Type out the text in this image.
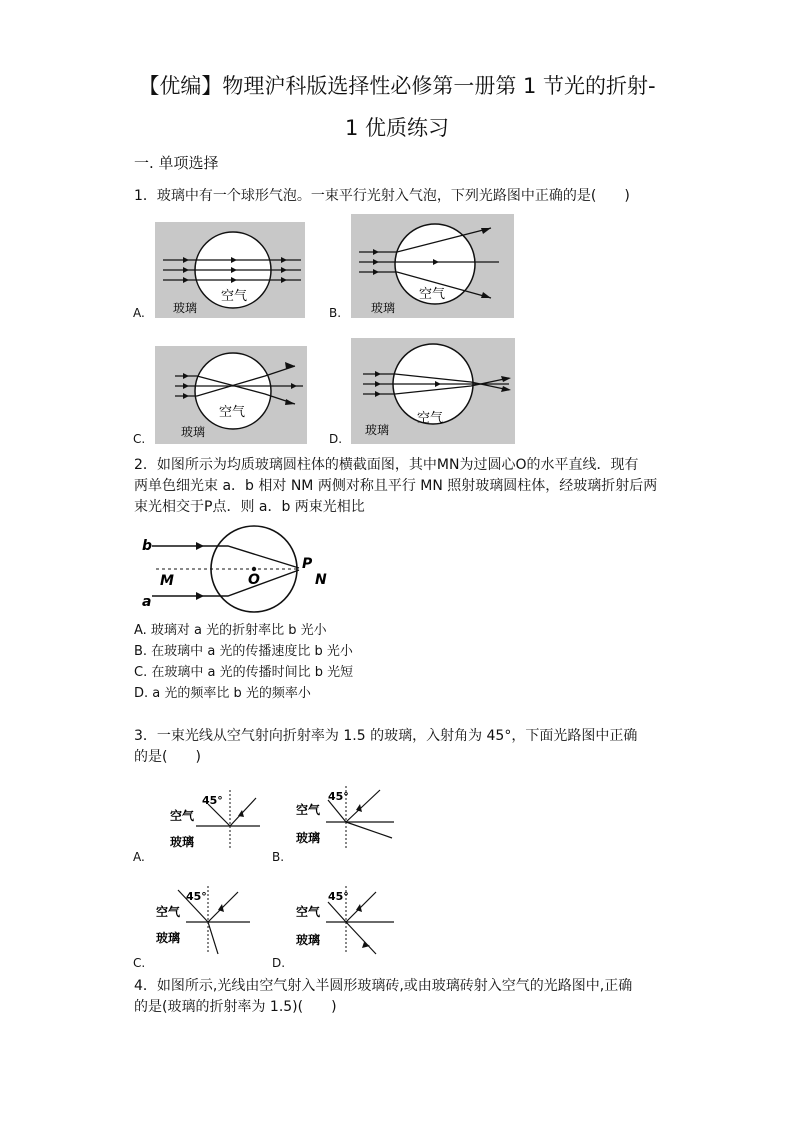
【优编】物理沪科版选择性必修第一册第 1 节光的折射-
1 优质练习
一. 单项选择
1．玻璃中有一个球形气泡。一束平行光射入气泡，下列光路图中正确的是(　　)
空气
玻璃
A.
空气
玻璃
B.
空气
玻璃
C.
空气
玻璃
D.
2．如图所示为均质玻璃圆柱体的横截面图，其中MN为过圆心O的水平直线．现有
两单色细光束 a．b 相对 NM 两侧对称且平行 MN 照射玻璃圆柱体，经玻璃折射后两
束光相交于P点．则 a．b 两束光相比
b
a
M	O
P
N
A. 玻璃对 a 光的折射率比 b 光小
B. 在玻璃中 a 光的传播速度比 b 光小
C. 在玻璃中 a 光的传播时间比 b 光短
D. a 光的频率比 b 光的频率小
3．一束光线从空气射向折射率为 1.5 的玻璃，入射角为 45°，下面光路图中正确
的是(　　)
45°
空气
玻璃
A.
45°
空气
玻璃
B.
45°
空气
玻璃
C.
45°
空气
玻璃
D.
4．如图所示,光线由空气射入半圆形玻璃砖,或由玻璃砖射入空气的光路图中,正确
的是(玻璃的折射率为 1.5)(　　)
